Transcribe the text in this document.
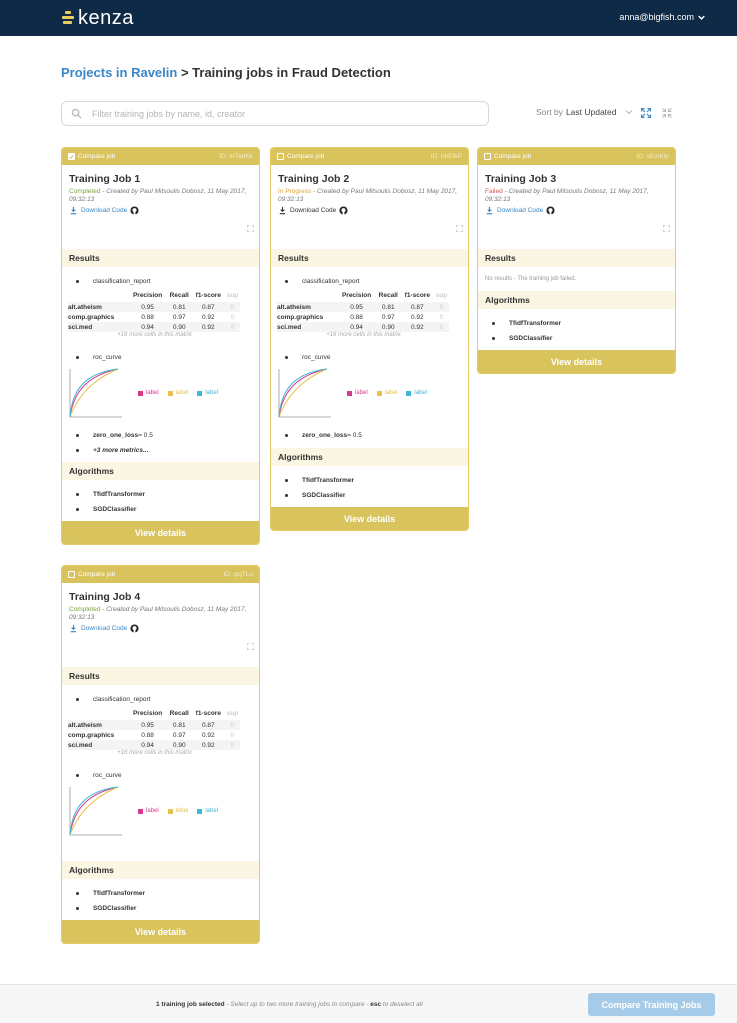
kenza	anna@bigfish.com
Projects in Ravelin > Training jobs in Fraud Detection
Filter training jobs by name, id, creator
Sort by Last Updated
Compare job	ID: erTa8Kk
Training Job 1
Completed - Created by Paul Mitsoulis Dobosz, 11 May 2017, 09:32:13
Download Code
Results
classification_report
	Precision	Recall	f1-score	sup
alt.atheism	0.95	0.81	0.87	0
comp.graphics	0.88	0.97	0.92	0
sci.med	0.94	0.90	0.92	0
+16 more cells in this matrix
roc_curve
label	label	label
zero_one_loss = 0.5
+3 more metrics...
Algorithms
TfidfTransformer
SGDClassifier
View details
Compare job	ID: bhEfkP
Training Job 2
In Progress - Created by Paul Mitsoulis Dobosz, 11 May 2017, 09:32:13
Download Code
Results
classification_report
	Precision	Recall	f1-score	sup
alt.atheism	0.95	0.81	0.87	0
comp.graphics	0.88	0.97	0.92	0
sci.med	0.94	0.90	0.92	0
+16 more cells in this matrix
roc_curve
label	label	label
zero_one_loss = 0.5
Algorithms
TfidfTransformer
SGDClassifier
View details
Compare job	ID: sEmKlp
Training Job 3
Failed - Created by Paul Mitsoulis Dobosz, 11 May 2017, 09:32:13
Download Code
Results
No results - The training job failed.
Algorithms
TfidfTransformer
SGDClassifier
View details
Compare job	ID: qcjTLo
Training Job 4
Completed - Created by Paul Mitsoulis Dobosz, 11 May 2017, 09:32:13
Download Code
Results
classification_report
	Precision	Recall	f1-score	sup
alt.atheism	0.95	0.81	0.87	0
comp.graphics	0.88	0.97	0.92	0
sci.med	0.94	0.90	0.92	0
+16 more cells in this matrix
roc_curve
label	label	label
Algorithms
TfidfTransformer
SGDClassifier
View details
1 training job selected - Select up to two more training jobs to compare - esc to deselect all	Compare Training Jobs
